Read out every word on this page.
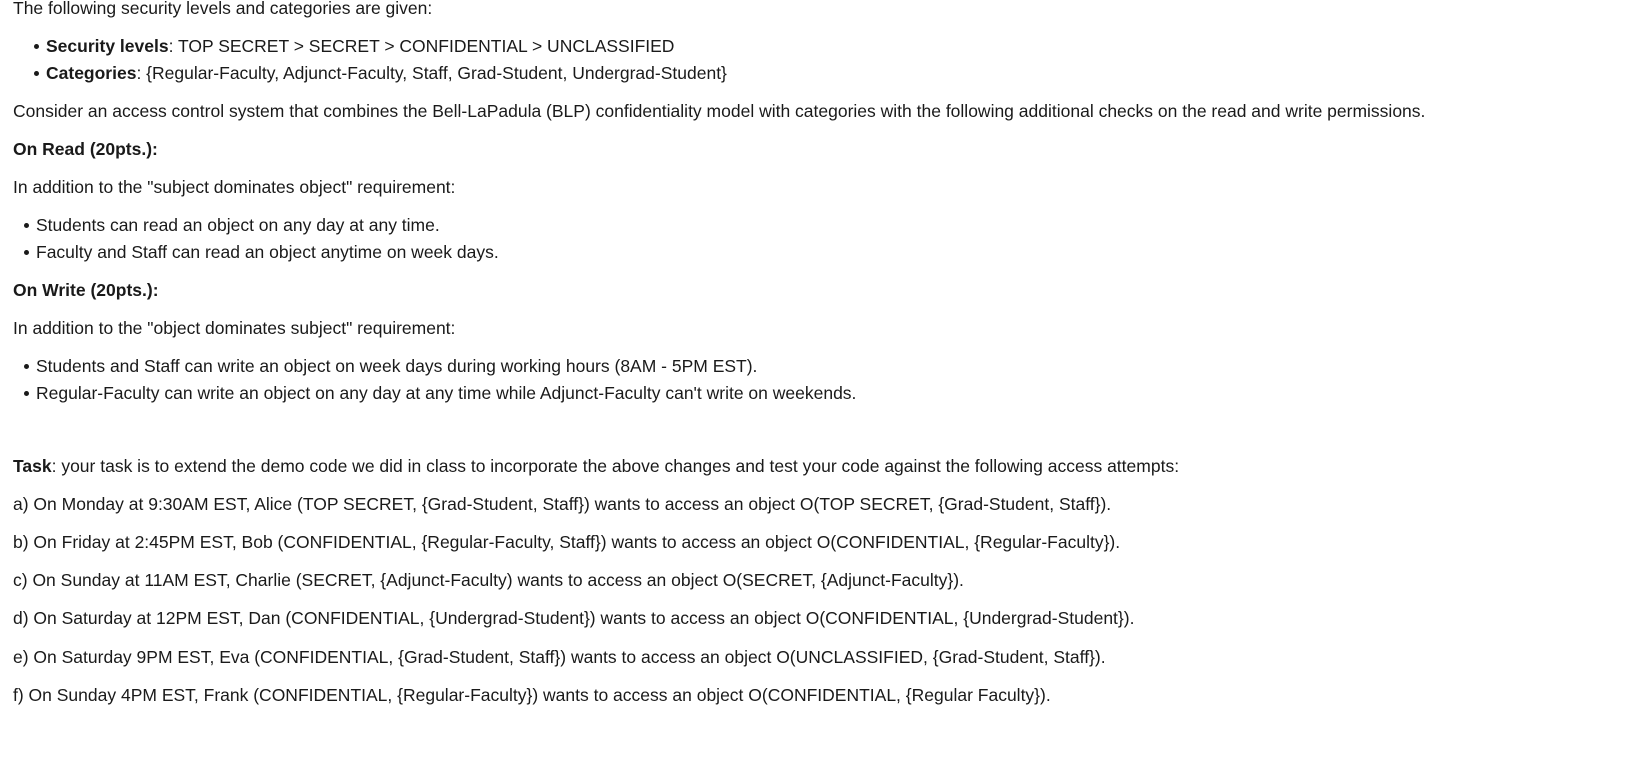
The following security levels and categories are given:
Security levels: TOP SECRET > SECRET > CONFIDENTIAL > UNCLASSIFIED
Categories: {Regular-Faculty, Adjunct-Faculty, Staff, Grad-Student, Undergrad-Student}
Consider an access control system that combines the Bell-LaPadula (BLP) confidentiality model with categories with the following additional checks on the read and write permissions.
On Read (20pts.):
In addition to the "subject dominates object" requirement:
Students can read an object on any day at any time.
Faculty and Staff can read an object anytime on week days.
On Write (20pts.):
In addition to the "object dominates subject" requirement:
Students and Staff can write an object on week days during working hours (8AM - 5PM EST).
Regular-Faculty can write an object on any day at any time while Adjunct-Faculty can't write on weekends.
Task: your task is to extend the demo code we did in class to incorporate the above changes and test your code against the following access attempts:
a) On Monday at 9:30AM EST, Alice (TOP SECRET, {Grad-Student, Staff}) wants to access an object O(TOP SECRET, {Grad-Student, Staff}).
b) On Friday at 2:45PM EST, Bob (CONFIDENTIAL, {Regular-Faculty, Staff}) wants to access an object O(CONFIDENTIAL, {Regular-Faculty}).
c) On Sunday at 11AM EST, Charlie (SECRET, {Adjunct-Faculty) wants to access an object O(SECRET, {Adjunct-Faculty}).
d) On Saturday at 12PM EST, Dan (CONFIDENTIAL, {Undergrad-Student}) wants to access an object O(CONFIDENTIAL, {Undergrad-Student}).
e) On Saturday 9PM EST, Eva (CONFIDENTIAL, {Grad-Student, Staff}) wants to access an object O(UNCLASSIFIED, {Grad-Student, Staff}).
f) On Sunday 4PM EST, Frank (CONFIDENTIAL, {Regular-Faculty}) wants to access an object O(CONFIDENTIAL, {Regular Faculty}).
